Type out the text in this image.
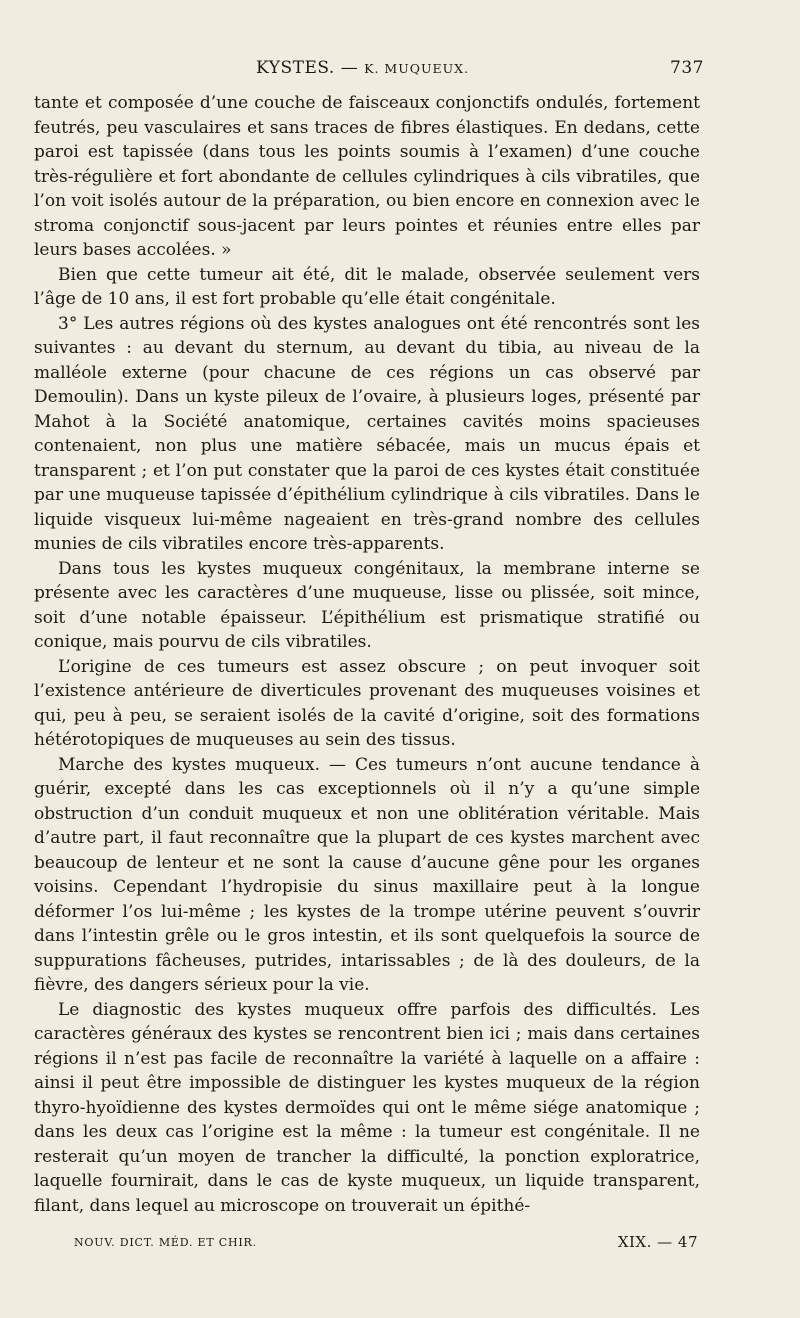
KYSTES. — K. MUQUEUX.	737

tante et composée d’une couche de faisceaux conjonctifs ondulés, fortement feutrés, peu vasculaires et sans traces de fibres élastiques. En dedans, cette paroi est tapissée (dans tous les points soumis à l’examen) d’une couche très-régulière et fort abondante de cellules cylindriques à cils vibratiles, que l’on voit isolés autour de la préparation, ou bien encore en connexion avec le stroma conjonctif sous-jacent par leurs pointes et réunies entre elles par leurs bases accolées. »

Bien que cette tumeur ait été, dit le malade, observée seulement vers l’âge de 10 ans, il est fort probable qu’elle était congénitale.

3° Les autres régions où des kystes analogues ont été rencontrés sont les suivantes : au devant du sternum, au devant du tibia, au niveau de la malléole externe (pour chacune de ces régions un cas observé par Demoulin). Dans un kyste pileux de l’ovaire, à plusieurs loges, présenté par Mahot à la Société anatomique, certaines cavités moins spacieuses contenaient, non plus une matière sébacée, mais un mucus épais et transparent ; et l’on put constater que la paroi de ces kystes était constituée par une muqueuse tapissée d’épithélium cylindrique à cils vibratiles. Dans le liquide visqueux lui-même nageaient en très-grand nombre des cellules munies de cils vibratiles encore très-apparents.

Dans tous les kystes muqueux congénitaux, la membrane interne se présente avec les caractères d’une muqueuse, lisse ou plissée, soit mince, soit d’une notable épaisseur. L’épithélium est prismatique stratifié ou conique, mais pourvu de cils vibratiles.

L’origine de ces tumeurs est assez obscure ; on peut invoquer soit l’existence antérieure de diverticules provenant des muqueuses voisines et qui, peu à peu, se seraient isolés de la cavité d’origine, soit des formations hétérotopiques de muqueuses au sein des tissus.

Marche des kystes muqueux. — Ces tumeurs n’ont aucune tendance à guérir, excepté dans les cas exceptionnels où il n’y a qu’une simple obstruction d’un conduit muqueux et non une oblitération véritable. Mais d’autre part, il faut reconnaître que la plupart de ces kystes marchent avec beaucoup de lenteur et ne sont la cause d’aucune gêne pour les organes voisins. Cependant l’hydropisie du sinus maxillaire peut à la longue déformer l’os lui-même ; les kystes de la trompe utérine peuvent s’ouvrir dans l’intestin grêle ou le gros intestin, et ils sont quelquefois la source de suppurations fâcheuses, putrides, intarissables ; de là des douleurs, de la fièvre, des dangers sérieux pour la vie.

Le diagnostic des kystes muqueux offre parfois des difficultés. Les caractères généraux des kystes se rencontrent bien ici ; mais dans certaines régions il n’est pas facile de reconnaître la variété à laquelle on a affaire : ainsi il peut être impossible de distinguer les kystes muqueux de la région thyro-hyoïdienne des kystes dermoïdes qui ont le même siége anatomique ; dans les deux cas l’origine est la même : la tumeur est congénitale. Il ne resterait qu’un moyen de trancher la difficulté, la ponction exploratrice, laquelle fournirait, dans le cas de kyste muqueux, un liquide transparent, filant, dans lequel au microscope on trouverait un épithé-

NOUV. DICT. MÉD. ET CHIR.	XIX. — 47
